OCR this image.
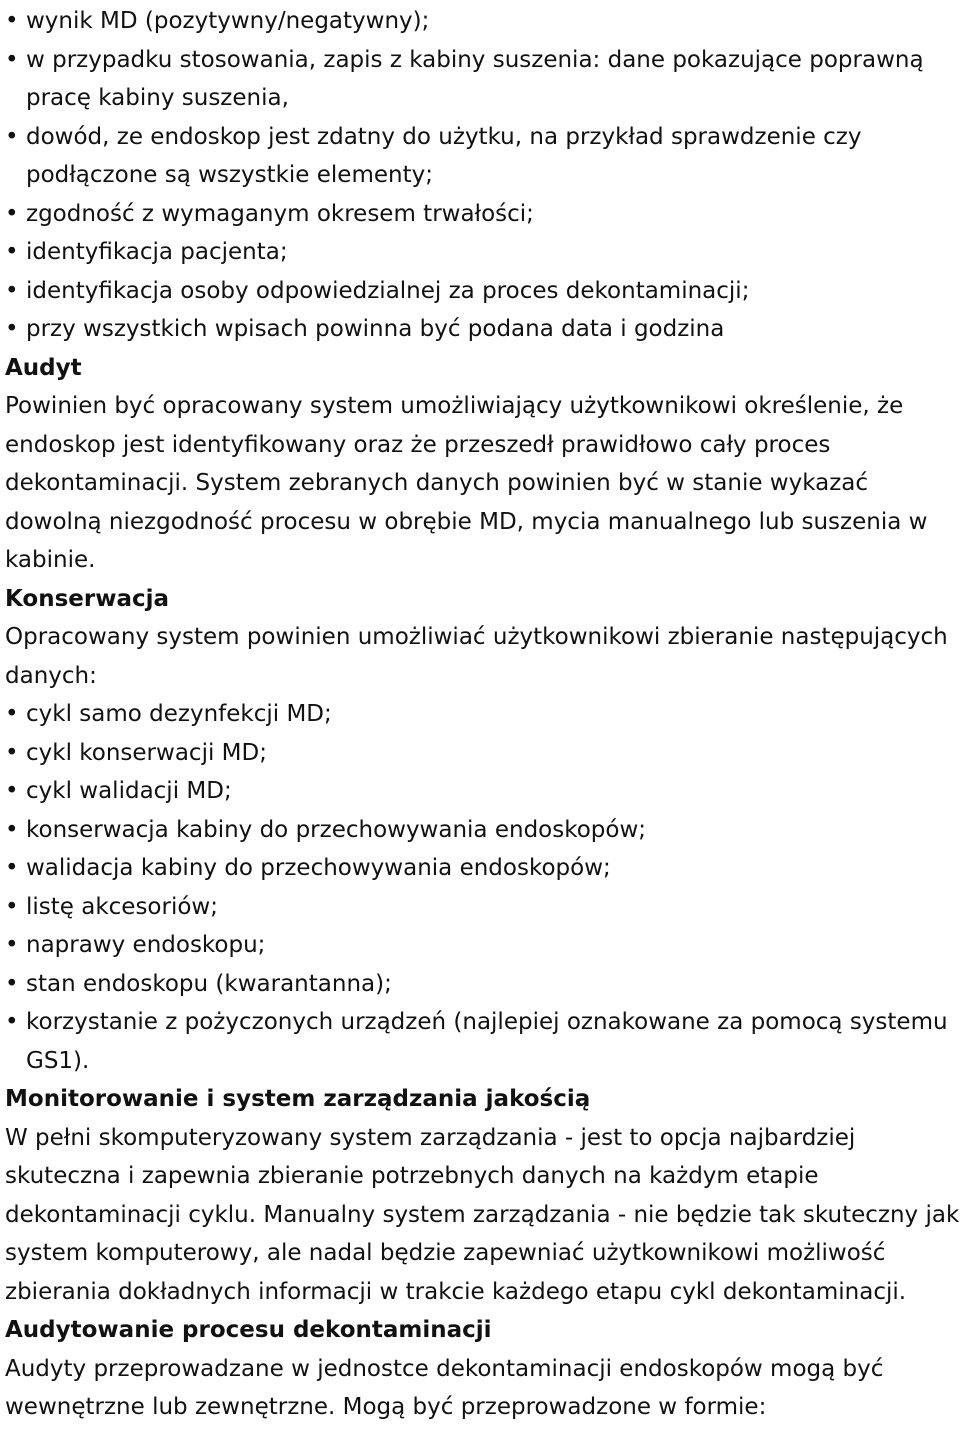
• wynik MD (pozytywny/negatywny);
• w przypadku stosowania, zapis z kabiny suszenia: dane pokazujące poprawną pracę kabiny suszenia,
• dowód, ze endoskop jest zdatny do użytku, na przykład sprawdzenie czy podłączone są wszystkie elementy;
• zgodność z wymaganym okresem trwałości;
• identyfikacja pacjenta;
• identyfikacja osoby odpowiedzialnej za proces dekontaminacji;
• przy wszystkich wpisach powinna być podana data i godzina
Audyt

Powinien być opracowany system umożliwiający użytkownikowi określenie, że endoskop jest identyfikowany oraz że przeszedł prawidłowo cały proces dekontaminacji. System zebranych danych powinien być w stanie wykazać dowolną niezgodność procesu w obrębie MD, mycia manualnego lub suszenia w kabinie.

Konserwacja

Opracowany system powinien umożliwiać użytkownikowi zbieranie następujących danych:

• cykl samo dezynfekcji MD;
• cykl konserwacji MD;
• cykl walidacji MD;
• konserwacja kabiny do przechowywania endoskopów;
• walidacja kabiny do przechowywania endoskopów;
• listę akcesoriów;
• naprawy endoskopu;
• stan endoskopu (kwarantanna);
• korzystanie z pożyczonych urządzeń (najlepiej oznakowane za pomocą systemu GS1).
Monitorowanie i system zarządzania jakością

W pełni skomputeryzowany system zarządzania - jest to opcja najbardziej skuteczna i zapewnia zbieranie potrzebnych danych na każdym etapie dekontaminacji cyklu. Manualny system zarządzania - nie będzie tak skuteczny jak system komputerowy, ale nadal będzie zapewniać użytkownikowi możliwość zbierania dokładnych informacji w trakcie każdego etapu cykl dekontaminacji.

Audytowanie procesu dekontaminacji

Audyty przeprowadzane w jednostce dekontaminacji endoskopów mogą być wewnętrzne lub zewnętrzne. Mogą być przeprowadzone w formie:
